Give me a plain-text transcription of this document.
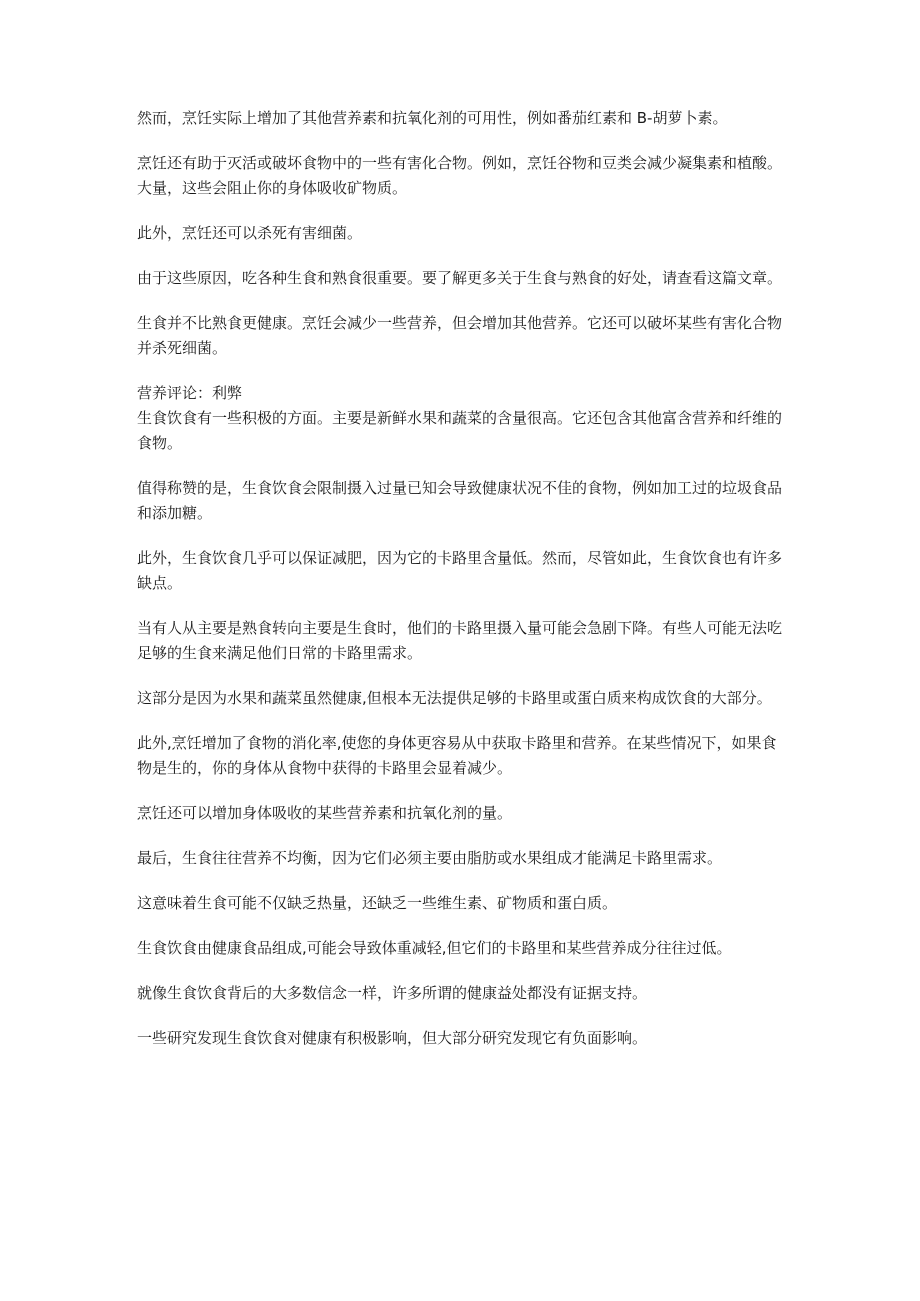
然而，烹饪实际上增加了其他营养素和抗氧化剂的可用性，例如番茄红素和 B-胡萝卜素。

烹饪还有助于灭活或破坏食物中的一些有害化合物。例如，烹饪谷物和豆类会减少凝集素和植酸。大量，这些会阻止你的身体吸收矿物质。

此外，烹饪还可以杀死有害细菌。

由于这些原因，吃各种生食和熟食很重要。要了解更多关于生食与熟食的好处，请查看这篇文章。

生食并不比熟食更健康。烹饪会减少一些营养，但会增加其他营养。它还可以破坏某些有害化合物并杀死细菌。

营养评论：利弊

生食饮食有一些积极的方面。主要是新鲜水果和蔬菜的含量很高。它还包含其他富含营养和纤维的食物。

值得称赞的是，生食饮食会限制摄入过量已知会导致健康状况不佳的食物，例如加工过的垃圾食品和添加糖。

此外，生食饮食几乎可以保证减肥，因为它的卡路里含量低。然而，尽管如此，生食饮食也有许多缺点。

当有人从主要是熟食转向主要是生食时，他们的卡路里摄入量可能会急剧下降。有些人可能无法吃足够的生食来满足他们日常的卡路里需求。

这部分是因为水果和蔬菜虽然健康,但根本无法提供足够的卡路里或蛋白质来构成饮食的大部分。

此外,烹饪增加了食物的消化率,使您的身体更容易从中获取卡路里和营养。在某些情况下，如果食物是生的，你的身体从食物中获得的卡路里会显着减少。

烹饪还可以增加身体吸收的某些营养素和抗氧化剂的量。

最后，生食往往营养不均衡，因为它们必须主要由脂肪或水果组成才能满足卡路里需求。

这意味着生食可能不仅缺乏热量，还缺乏一些维生素、矿物质和蛋白质。

生食饮食由健康食品组成,可能会导致体重减轻,但它们的卡路里和某些营养成分往往过低。

就像生食饮食背后的大多数信念一样，许多所谓的健康益处都没有证据支持。

一些研究发现生食饮食对健康有积极影响，但大部分研究发现它有负面影响。
